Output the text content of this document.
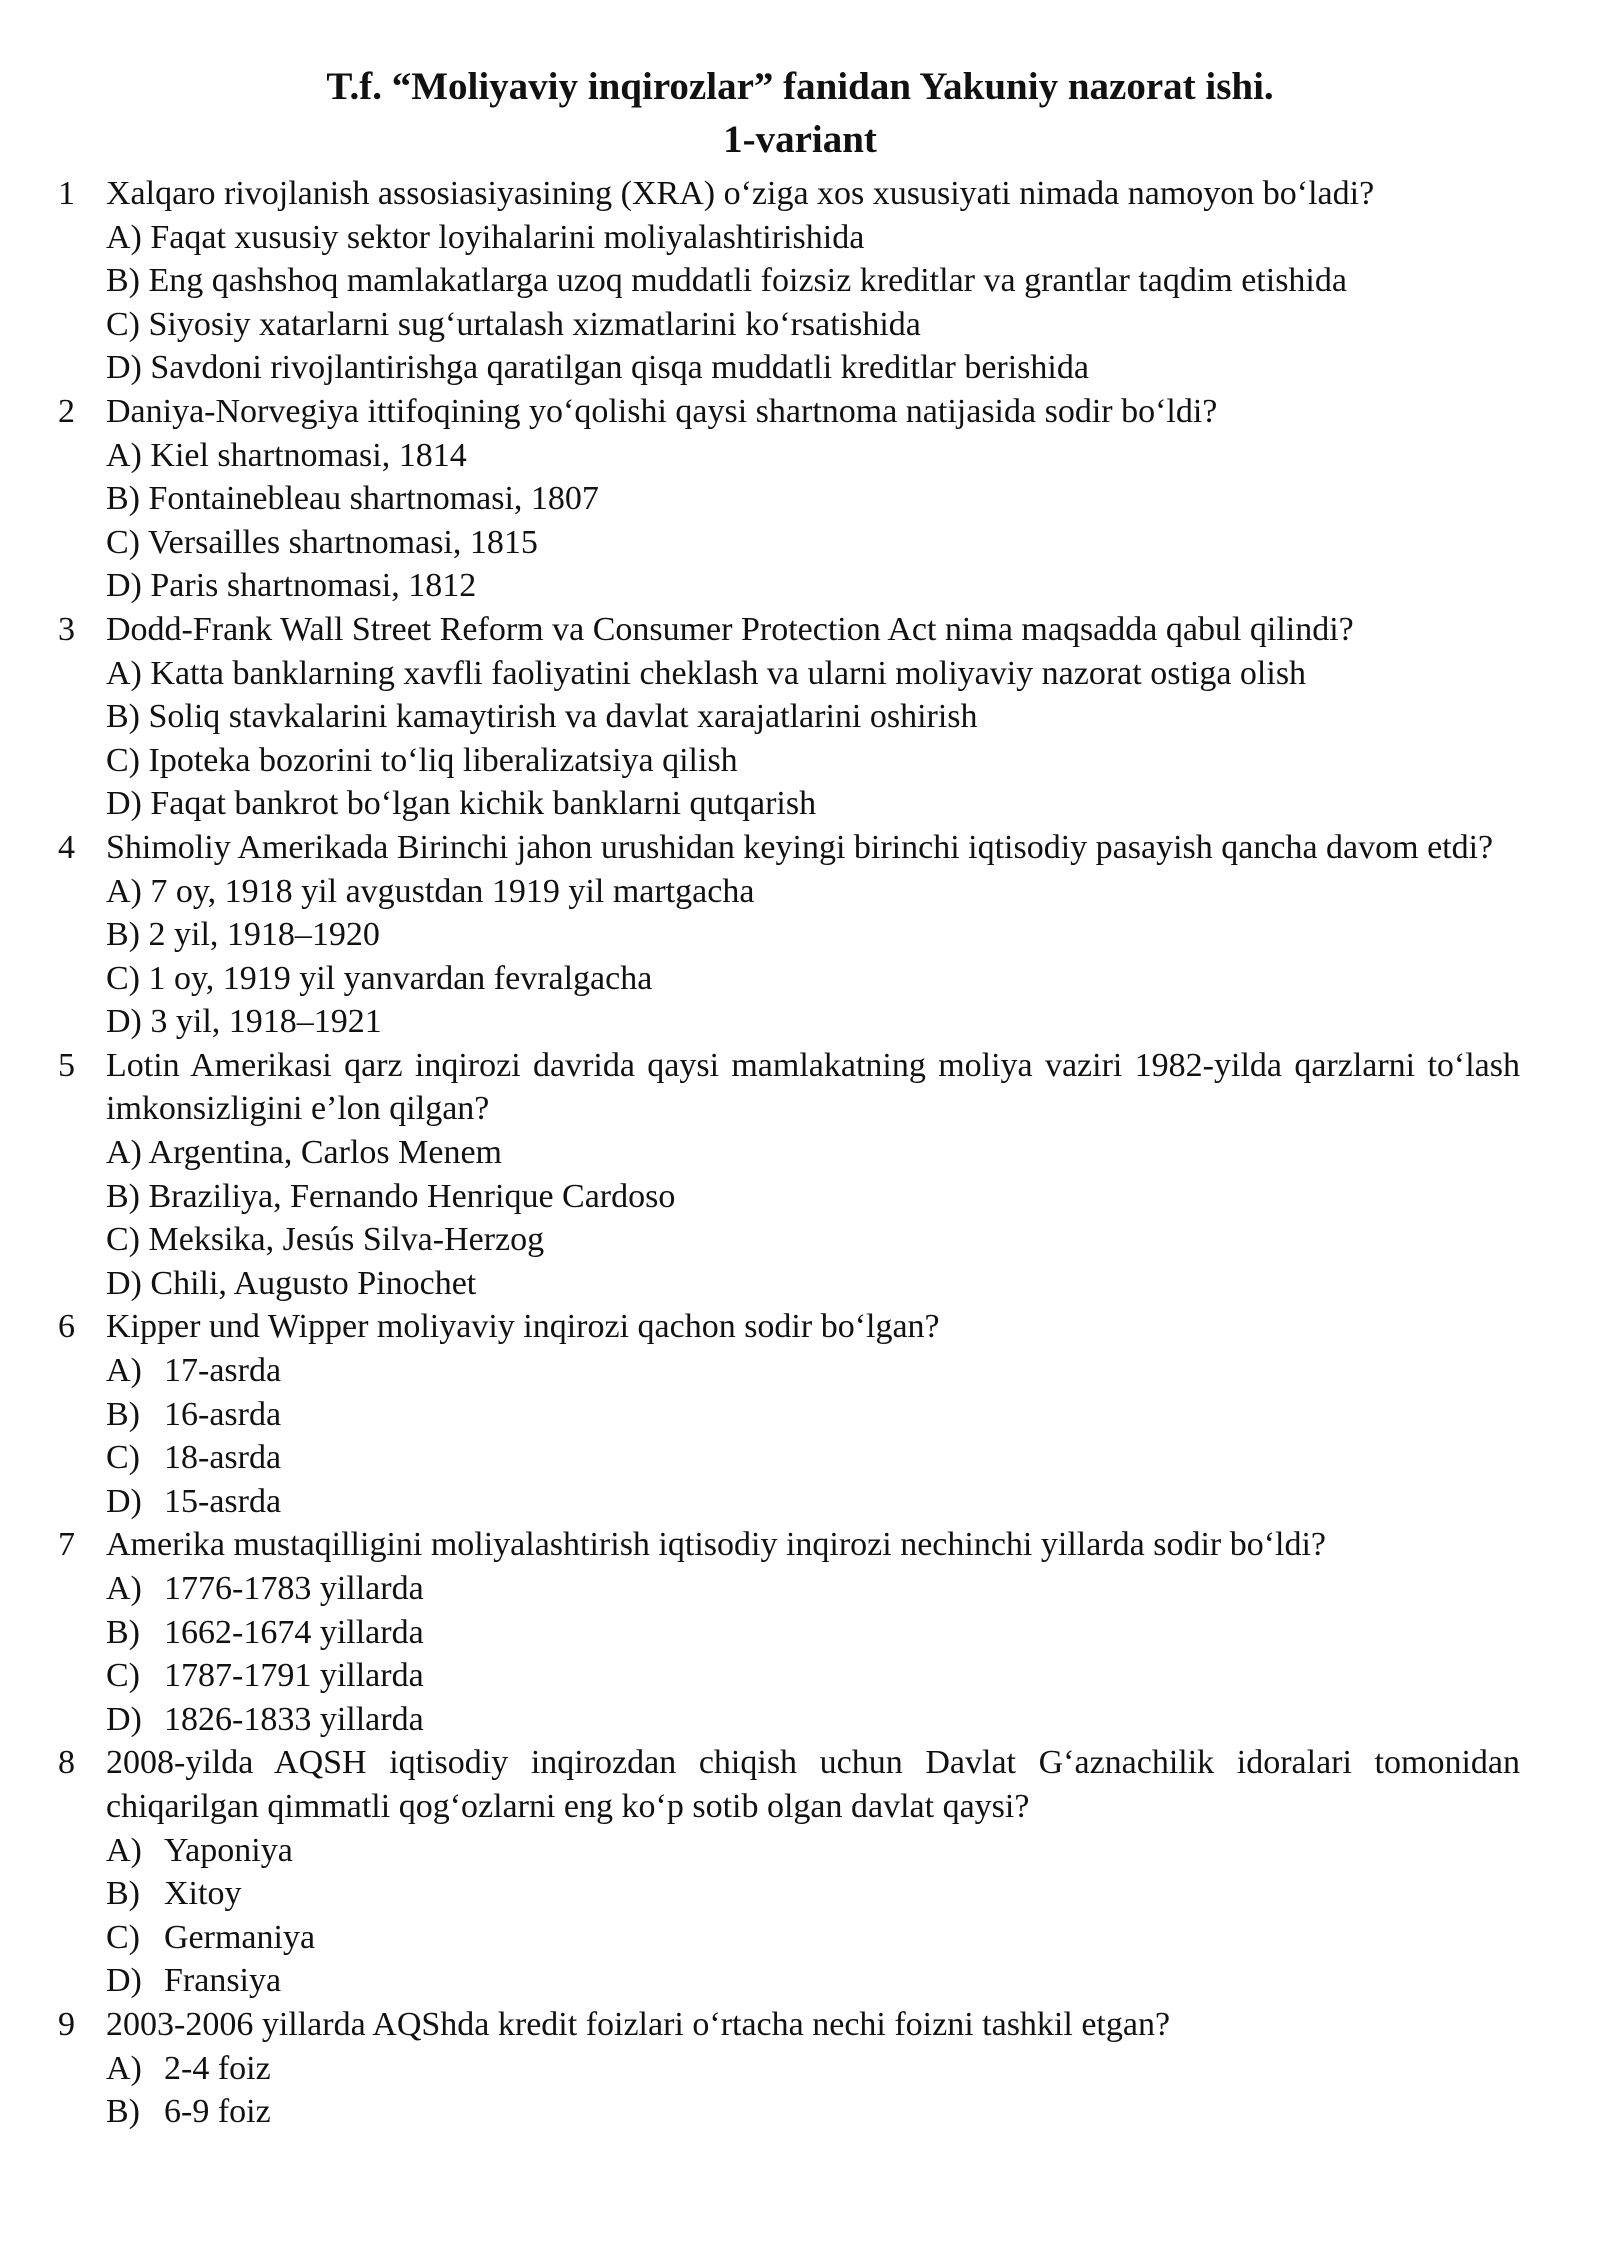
T.f. “Moliyaviy inqirozlar” fanidan Yakuniy nazorat ishi.
1-variant
1 Xalqaro rivojlanish assosiasiyasining (XRA) o‘ziga xos xususiyati nimada namoyon bo‘ladi?
A) Faqat xususiy sektor loyihalarini moliyalashtirishida
B) Eng qashshoq mamlakatlarga uzoq muddatli foizsiz kreditlar va grantlar taqdim etishida
C) Siyosiy xatarlarni sug‘urtalash xizmatlarini ko‘rsatishida
D) Savdoni rivojlantirishga qaratilgan qisqa muddatli kreditlar berishida
2 Daniya-Norvegiya ittifoqining yo‘qolishi qaysi shartnoma natijasida sodir bo‘ldi?
A) Kiel shartnomasi, 1814
B) Fontainebleau shartnomasi, 1807
C) Versailles shartnomasi, 1815
D) Paris shartnomasi, 1812
3 Dodd-Frank Wall Street Reform va Consumer Protection Act nima maqsadda qabul qilindi?
A) Katta banklarning xavfli faoliyatini cheklash va ularni moliyaviy nazorat ostiga olish
B) Soliq stavkalarini kamaytirish va davlat xarajatlarini oshirish
C) Ipoteka bozorini to‘liq liberalizatsiya qilish
D) Faqat bankrot bo‘lgan kichik banklarni qutqarish
4 Shimoliy Amerikada Birinchi jahon urushidan keyingi birinchi iqtisodiy pasayish qancha davom etdi?
A) 7 oy, 1918 yil avgustdan 1919 yil martgacha
B) 2 yil, 1918–1920
C) 1 oy, 1919 yil yanvardan fevralgacha
D) 3 yil, 1918–1921
5 Lotin Amerikasi qarz inqirozi davrida qaysi mamlakatning moliya vaziri 1982-yilda qarzlarni to‘lash imkonsizligini e’lon qilgan?
A) Argentina, Carlos Menem
B) Braziliya, Fernando Henrique Cardoso
C) Meksika, Jesús Silva-Herzog
D) Chili, Augusto Pinochet
6 Kipper und Wipper moliyaviy inqirozi qachon sodir bo‘lgan?
A) 17-asrda
B) 16-asrda
C) 18-asrda
D) 15-asrda
7 Amerika mustaqilligini moliyalashtirish iqtisodiy inqirozi nechinchi yillarda sodir bo‘ldi?
A) 1776-1783 yillarda
B) 1662-1674 yillarda
C) 1787-1791 yillarda
D) 1826-1833 yillarda
8 2008-yilda AQSH iqtisodiy inqirozdan chiqish uchun Davlat G‘aznachilik idoralari tomonidan chiqarilgan qimmatli qog‘ozlarni eng ko‘p sotib olgan davlat qaysi?
A) Yaponiya
B) Xitoy
C) Germaniya
D) Fransiya
9 2003-2006 yillarda AQShda kredit foizlari o‘rtacha nechi foizni tashkil etgan?
A) 2-4 foiz
B) 6-9 foiz
